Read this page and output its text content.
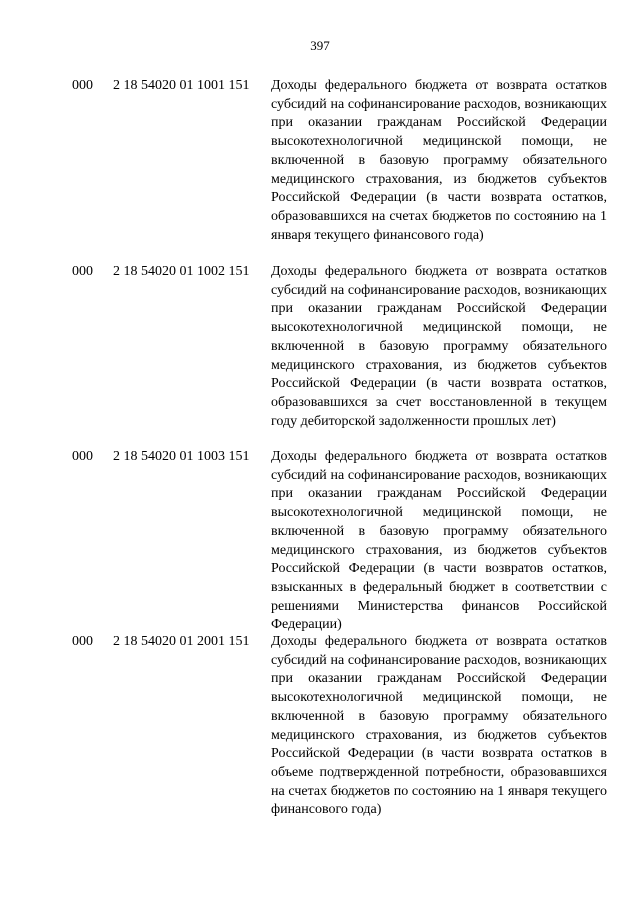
397
000 2 18 54020 01 1001 151 Доходы федерального бюджета от возврата остатков субсидий на софинансирование расходов, возникающих при оказании гражданам Российской Федерации высокотехнологичной медицинской помощи, не включенной в базовую программу обязательного медицинского страхования, из бюджетов субъектов Российской Федерации (в части возврата остатков, образовавшихся на счетах бюджетов по состоянию на 1 января текущего финансового года)
000 2 18 54020 01 1002 151 Доходы федерального бюджета от возврата остатков субсидий на софинансирование расходов, возникающих при оказании гражданам Российской Федерации высокотехнологичной медицинской помощи, не включенной в базовую программу обязательного медицинского страхования, из бюджетов субъектов Российской Федерации (в части возврата остатков, образовавшихся за счет восстановленной в текущем году дебиторской задолженности прошлых лет)
000 2 18 54020 01 1003 151 Доходы федерального бюджета от возврата остатков субсидий на софинансирование расходов, возникающих при оказании гражданам Российской Федерации высокотехнологичной медицинской помощи, не включенной в базовую программу обязательного медицинского страхования, из бюджетов субъектов Российской Федерации (в части возвратов остатков, взысканных в федеральный бюджет в соответствии с решениями Министерства финансов Российской Федерации)
000 2 18 54020 01 2001 151 Доходы федерального бюджета от возврата остатков субсидий на софинансирование расходов, возникающих при оказании гражданам Российской Федерации высокотехнологичной медицинской помощи, не включенной в базовую программу обязательного медицинского страхования, из бюджетов субъектов Российской Федерации (в части возврата остатков в объеме подтвержденной потребности, образовавшихся на счетах бюджетов по состоянию на 1 января текущего финансового года)
